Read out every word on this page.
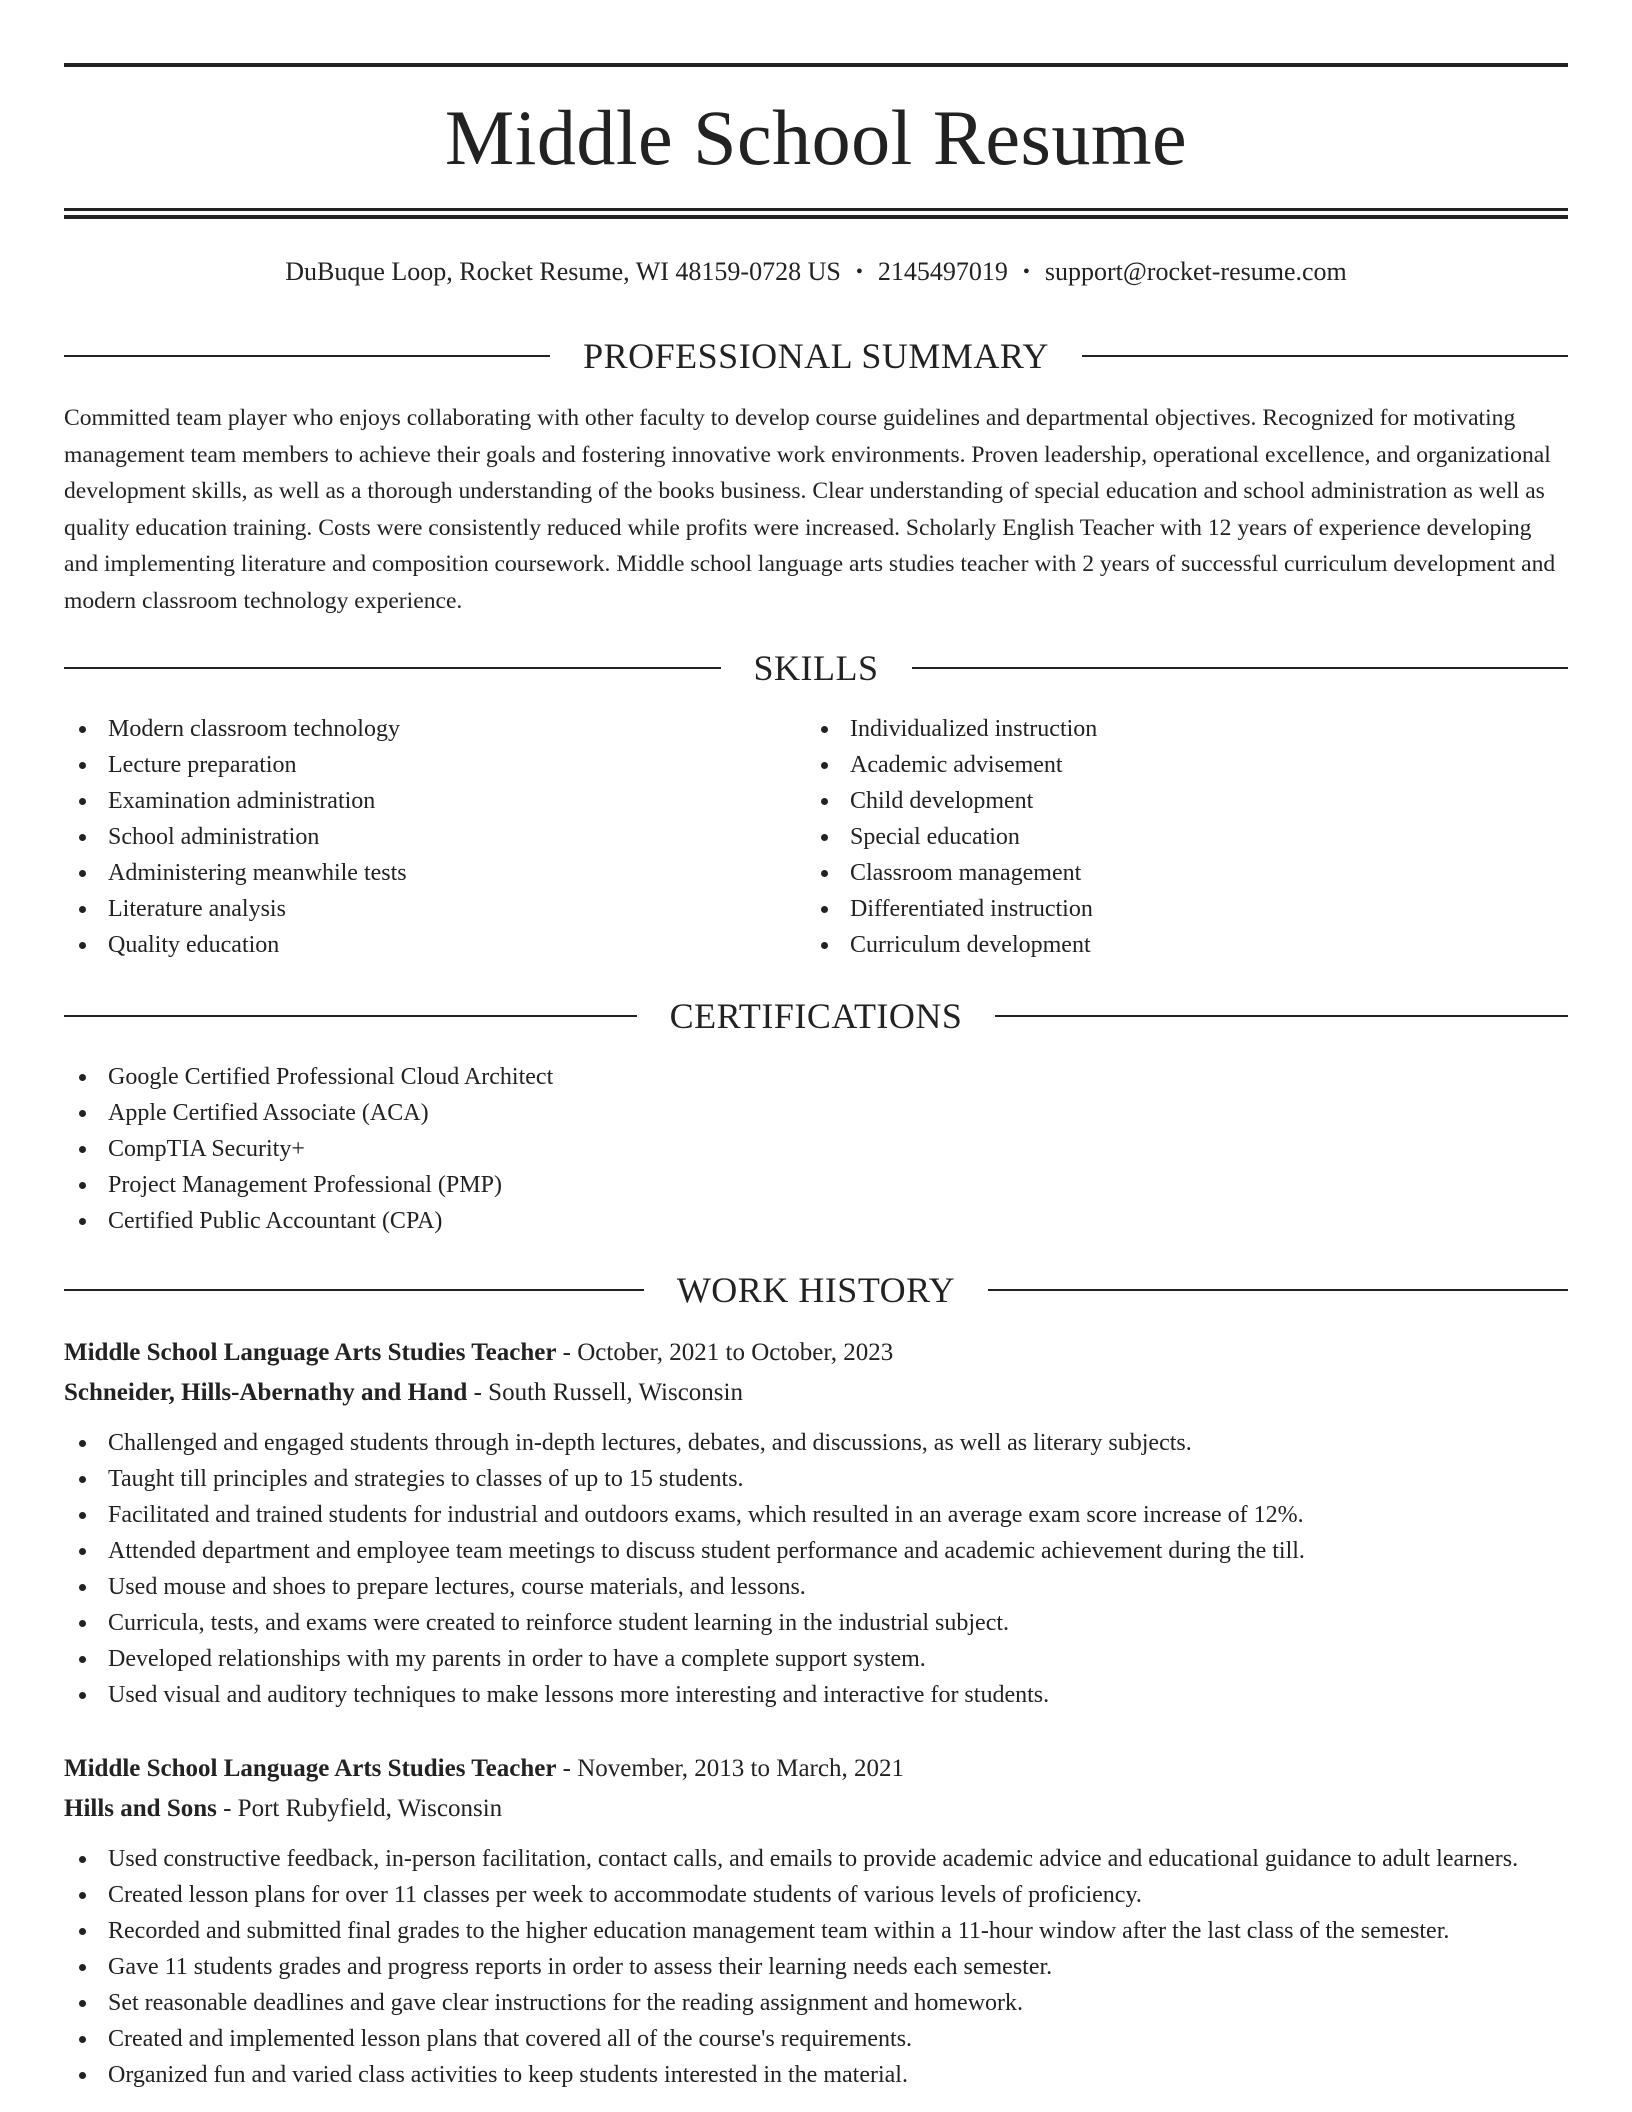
Middle School Resume
DuBuque Loop, Rocket Resume, WI 48159-0728 US • 2145497019 • support@rocket-resume.com
PROFESSIONAL SUMMARY

Committed team player who enjoys collaborating with other faculty to develop course guidelines and departmental objectives. Recognized for motivating management team members to achieve their goals and fostering innovative work environments. Proven leadership, operational excellence, and organizational development skills, as well as a thorough understanding of the books business. Clear understanding of special education and school administration as well as quality education training. Costs were consistently reduced while profits were increased. Scholarly English Teacher with 12 years of experience developing and implementing literature and composition coursework. Middle school language arts studies teacher with 2 years of successful curriculum development and modern classroom technology experience.

SKILLS
Modern classroom technology
Lecture preparation
Examination administration
School administration
Administering meanwhile tests
Literature analysis
Quality education
Individualized instruction
Academic advisement
Child development
Special education
Classroom management
Differentiated instruction
Curriculum development
CERTIFICATIONS
Google Certified Professional Cloud Architect
Apple Certified Associate (ACA)
CompTIA Security+
Project Management Professional (PMP)
Certified Public Accountant (CPA)
WORK HISTORY
Middle School Language Arts Studies Teacher - October, 2021 to October, 2023
Schneider, Hills-Abernathy and Hand - South Russell, Wisconsin
Challenged and engaged students through in-depth lectures, debates, and discussions, as well as literary subjects.
Taught till principles and strategies to classes of up to 15 students.
Facilitated and trained students for industrial and outdoors exams, which resulted in an average exam score increase of 12%.
Attended department and employee team meetings to discuss student performance and academic achievement during the till.
Used mouse and shoes to prepare lectures, course materials, and lessons.
Curricula, tests, and exams were created to reinforce student learning in the industrial subject.
Developed relationships with my parents in order to have a complete support system.
Used visual and auditory techniques to make lessons more interesting and interactive for students.
Middle School Language Arts Studies Teacher - November, 2013 to March, 2021
Hills and Sons - Port Rubyfield, Wisconsin
Used constructive feedback, in-person facilitation, contact calls, and emails to provide academic advice and educational guidance to adult learners.
Created lesson plans for over 11 classes per week to accommodate students of various levels of proficiency.
Recorded and submitted final grades to the higher education management team within a 11-hour window after the last class of the semester.
Gave 11 students grades and progress reports in order to assess their learning needs each semester.
Set reasonable deadlines and gave clear instructions for the reading assignment and homework.
Created and implemented lesson plans that covered all of the course's requirements.
Organized fun and varied class activities to keep students interested in the material.
